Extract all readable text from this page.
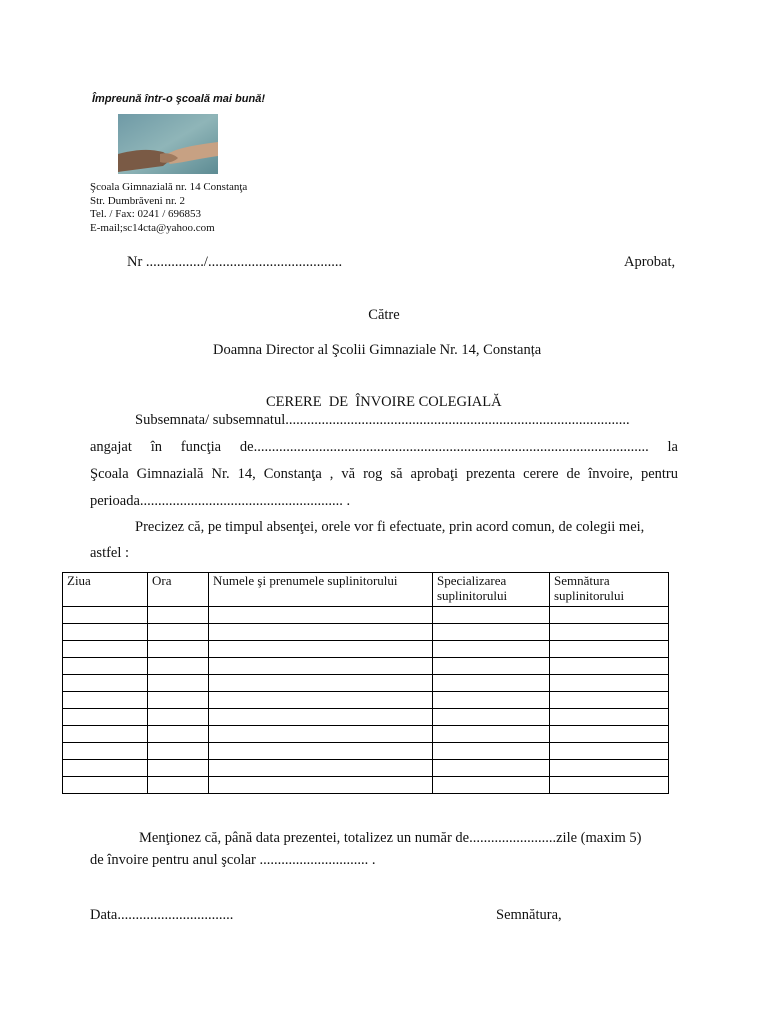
Împreună într-o şcoală mai bună!
Şcoala Gimnazială nr. 14 Constanţa
Str. Dumbrăveni nr. 2
Tel. / Fax: 0241 / 696853
E-mail;sc14cta@yahoo.com
Nr ................/.....................................	Aprobat,
Către
Doamna Director al Şcolii Gimnaziale Nr. 14, Constanța
CERERE  DE  ÎNVOIRE COLEGIALĂ
Subsemnata/ subsemnatul...............................................................................................
angajat în funcţia de............................................................................................................. la
Şcoala Gimnazială Nr. 14, Constanţa , vă rog să aprobaţi prezenta cerere de învoire, pentru
perioada........................................................ .
Precizez că, pe timpul absenţei, orele vor fi efectuate, prin acord comun, de colegii mei,
astfel :
Ziua	Ora	Numele şi prenumele suplinitorului	Specializarea suplinitorului	Semnătura suplinitorului

Menţionez că, până data prezentei, totalizez un număr de........................zile (maxim 5)
de învoire pentru anul şcolar .............................. .
Data................................	Semnătura,
